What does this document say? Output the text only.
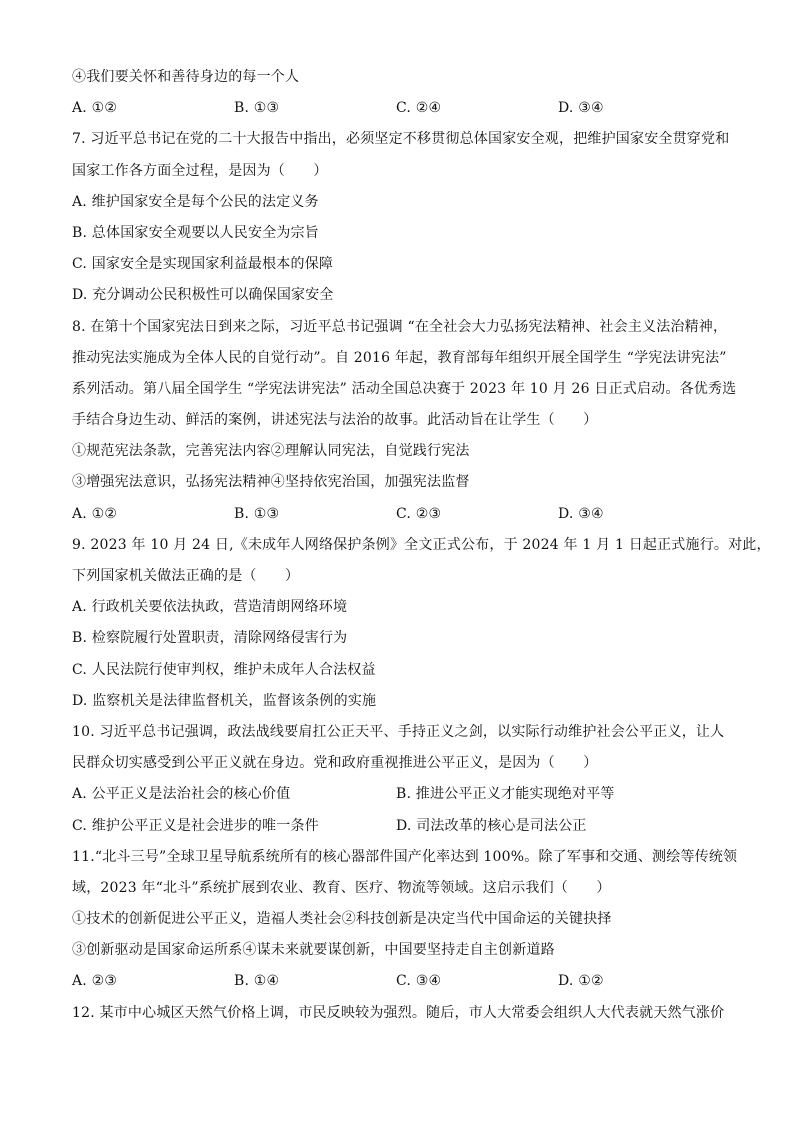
④我们要关怀和善待身边的每一个人
A. ①②	B. ①③	C. ②④	D. ③④
7. 习近平总书记在党的二十大报告中指出，必须坚定不移贯彻总体国家安全观，把维护国家安全贯穿党和
国家工作各方面全过程，是因为（　　）
A. 维护国家安全是每个公民的法定义务
B. 总体国家安全观要以人民安全为宗旨
C. 国家安全是实现国家利益最根本的保障
D. 充分调动公民积极性可以确保国家安全
8. 在第十个国家宪法日到来之际，习近平总书记强调 “在全社会大力弘扬宪法精神、社会主义法治精神，
推动宪法实施成为全体人民的自觉行动”。自 2016 年起，教育部每年组织开展全国学生 “学宪法讲宪法”
系列活动。第八届全国学生 “学宪法讲宪法” 活动全国总决赛于 2023 年 10 月 26 日正式启动。各优秀选
手结合身边生动、鲜活的案例，讲述宪法与法治的故事。此活动旨在让学生（　　）
①规范宪法条款，完善宪法内容②理解认同宪法，自觉践行宪法
③增强宪法意识，弘扬宪法精神④坚持依宪治国，加强宪法监督
A. ①②	B. ①③	C. ②③	D. ③④
9. 2023 年 10 月 24 日,《未成年人网络保护条例》全文正式公布，于 2024 年 1 月 1 日起正式施行。对此，
下列国家机关做法正确的是（　　）
A. 行政机关要依法执政，营造清朗网络环境
B. 检察院履行处置职责，清除网络侵害行为
C. 人民法院行使审判权，维护未成年人合法权益
D. 监察机关是法律监督机关，监督该条例的实施
10. 习近平总书记强调，政法战线要肩扛公正天平、手持正义之剑，以实际行动维护社会公平正义，让人
民群众切实感受到公平正义就在身边。党和政府重视推进公平正义，是因为（　　）
A. 公平正义是法治社会的核心价值	B. 推进公平正义才能实现绝对平等
C. 维护公平正义是社会进步的唯一条件	D. 司法改革的核心是司法公正
11.“北斗三号”全球卫星导航系统所有的核心器部件国产化率达到 100%。除了军事和交通、测绘等传统领
域，2023 年“北斗”系统扩展到农业、教育、医疗、物流等领域。这启示我们（　　）
①技术的创新促进公平正义，造福人类社会②科技创新是决定当代中国命运的关键抉择
③创新驱动是国家命运所系④谋未来就要谋创新，中国要坚持走自主创新道路
A. ②③	B. ①④	C. ③④	D. ①②
12. 某市中心城区天然气价格上调，市民反映较为强烈。随后，市人大常委会组织人大代表就天然气涨价
